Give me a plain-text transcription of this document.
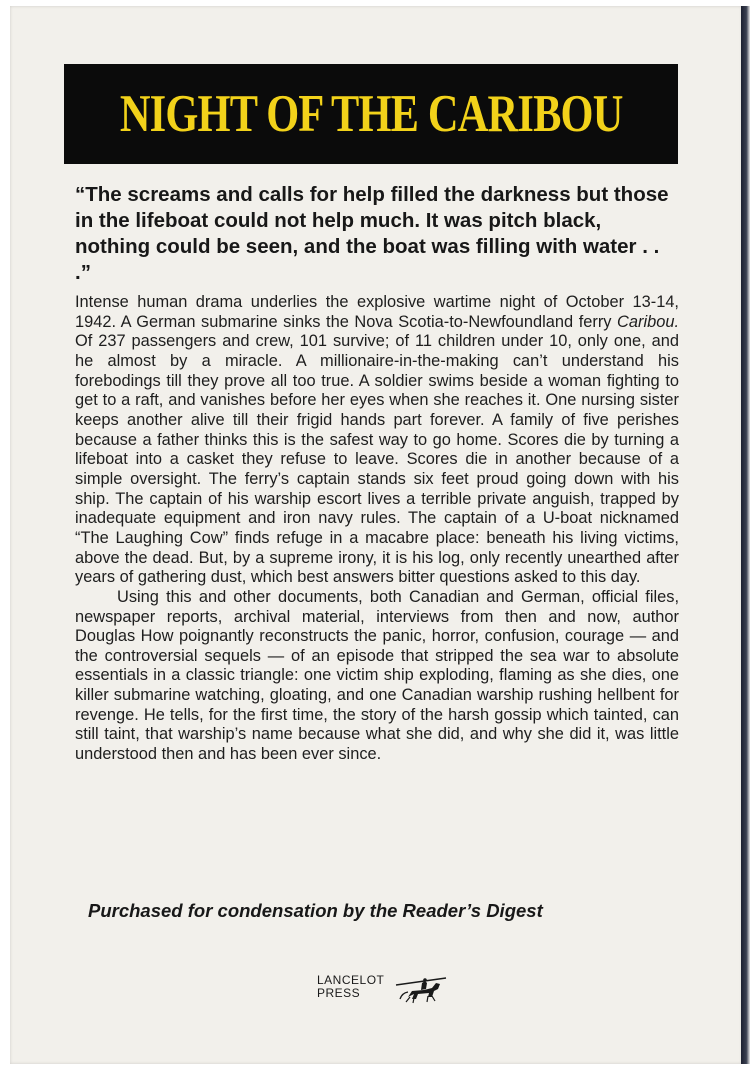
NIGHT OF THE CARIBOU

“The screams and calls for help filled the darkness but those in the lifeboat could not help much. It was pitch black, nothing could be seen, and the boat was filling with water . . .”

Intense human drama underlies the explosive wartime night of October 13-14, 1942. A German submarine sinks the Nova Scotia-to-Newfoundland ferry Caribou. Of 237 passengers and crew, 101 survive; of 11 children under 10, only one, and he almost by a miracle. A millionaire-in-the-making can’t understand his forebodings till they prove all too true. A soldier swims beside a woman fighting to get to a raft, and vanishes before her eyes when she reaches it. One nursing sister keeps another alive till their frigid hands part forever. A family of five perishes because a father thinks this is the safest way to go home. Scores die by turning a lifeboat into a casket they refuse to leave. Scores die in another because of a simple oversight. The ferry’s captain stands six feet proud going down with his ship. The captain of his warship escort lives a terrible private anguish, trapped by inadequate equipment and iron navy rules. The captain of a U-boat nicknamed “The Laughing Cow” finds refuge in a macabre place: beneath his living victims, above the dead. But, by a supreme irony, it is his log, only recently unearthed after years of gathering dust, which best answers bitter questions asked to this day.

Using this and other documents, both Canadian and German, official files, newspaper reports, archival material, interviews from then and now, author Douglas How poignantly reconstructs the panic, horror, confusion, courage — and the controversial sequels — of an episode that stripped the sea war to absolute essentials in a classic triangle: one victim ship exploding, flaming as she dies, one killer submarine watching, gloating, and one Canadian warship rushing hellbent for revenge. He tells, for the first time, the story of the harsh gossip which tainted, can still taint, that warship’s name because what she did, and why she did it, was little understood then and has been ever since.

Purchased for condensation by the Reader’s Digest
LANCELOT
PRESS
